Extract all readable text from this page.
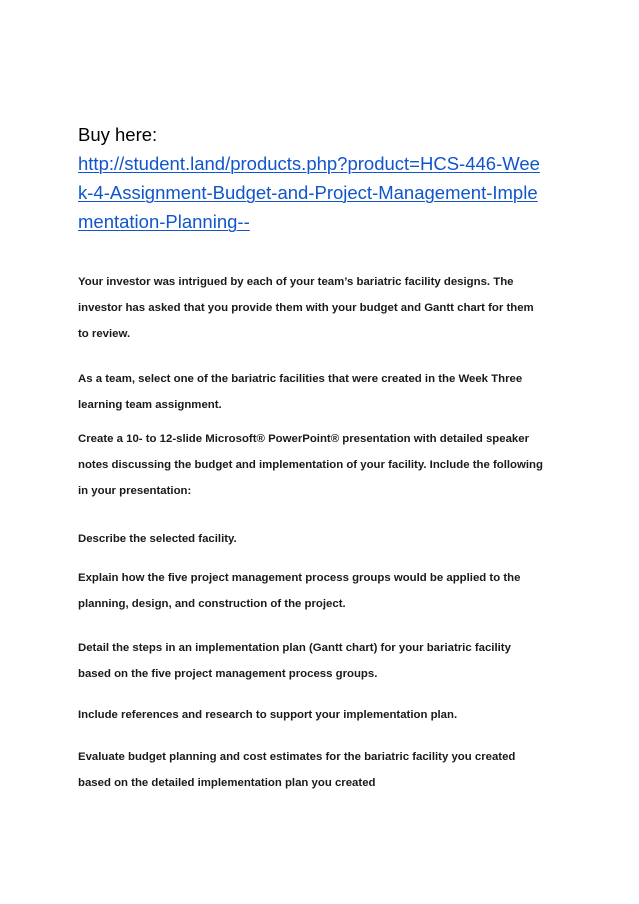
Buy here:
http://student.land/products.php?product=HCS-446-Wee
k-4-Assignment-Budget-and-Project-Management-Imple
mentation-Planning--
Your investor was intrigued by each of your team’s bariatric facility designs. The
investor has asked that you provide them with your budget and Gantt chart for them
to review.
As a team, select one of the bariatric facilities that were created in the Week Three
learning team assignment.
Create a 10- to 12-slide Microsoft® PowerPoint® presentation with detailed speaker
notes discussing the budget and implementation of your facility. Include the following
in your presentation:
Describe the selected facility.
Explain how the five project management process groups would be applied to the
planning, design, and construction of the project.
Detail the steps in an implementation plan (Gantt chart) for your bariatric facility
based on the five project management process groups.
Include references and research to support your implementation plan.
Evaluate budget planning and cost estimates for the bariatric facility you created
based on the detailed implementation plan you created
